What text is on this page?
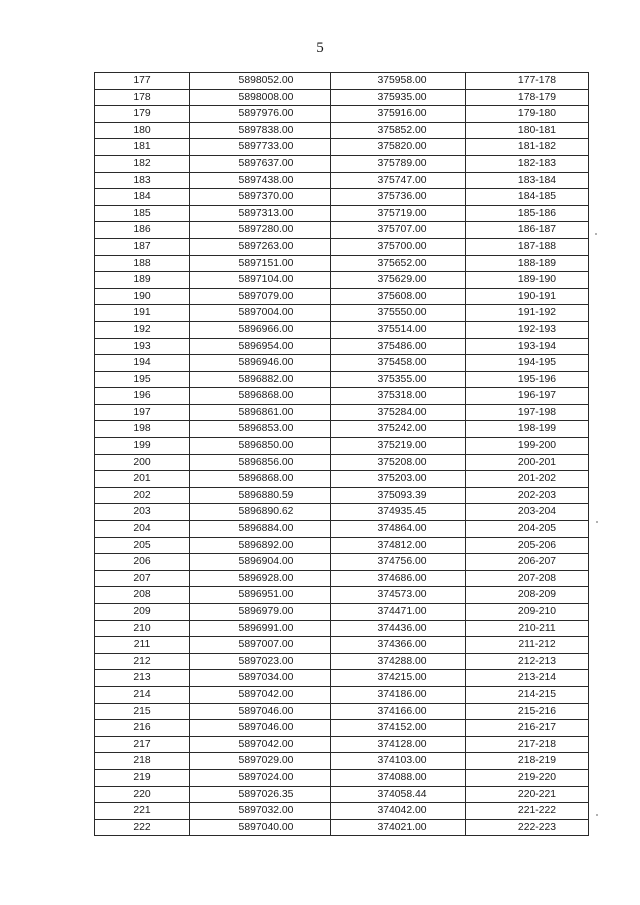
5
177	5898052.00	375958.00	177-178
178	5898008.00	375935.00	178-179
179	5897976.00	375916.00	179-180
180	5897838.00	375852.00	180-181
181	5897733.00	375820.00	181-182
182	5897637.00	375789.00	182-183
183	5897438.00	375747.00	183-184
184	5897370.00	375736.00	184-185
185	5897313.00	375719.00	185-186
186	5897280.00	375707.00	186-187
187	5897263.00	375700.00	187-188
188	5897151.00	375652.00	188-189
189	5897104.00	375629.00	189-190
190	5897079.00	375608.00	190-191
191	5897004.00	375550.00	191-192
192	5896966.00	375514.00	192-193
193	5896954.00	375486.00	193-194
194	5896946.00	375458.00	194-195
195	5896882.00	375355.00	195-196
196	5896868.00	375318.00	196-197
197	5896861.00	375284.00	197-198
198	5896853.00	375242.00	198-199
199	5896850.00	375219.00	199-200
200	5896856.00	375208.00	200-201
201	5896868.00	375203.00	201-202
202	5896880.59	375093.39	202-203
203	5896890.62	374935.45	203-204
204	5896884.00	374864.00	204-205
205	5896892.00	374812.00	205-206
206	5896904.00	374756.00	206-207
207	5896928.00	374686.00	207-208
208	5896951.00	374573.00	208-209
209	5896979.00	374471.00	209-210
210	5896991.00	374436.00	210-211
211	5897007.00	374366.00	211-212
212	5897023.00	374288.00	212-213
213	5897034.00	374215.00	213-214
214	5897042.00	374186.00	214-215
215	5897046.00	374166.00	215-216
216	5897046.00	374152.00	216-217
217	5897042.00	374128.00	217-218
218	5897029.00	374103.00	218-219
219	5897024.00	374088.00	219-220
220	5897026.35	374058.44	220-221
221	5897032.00	374042.00	221-222
222	5897040.00	374021.00	222-223
